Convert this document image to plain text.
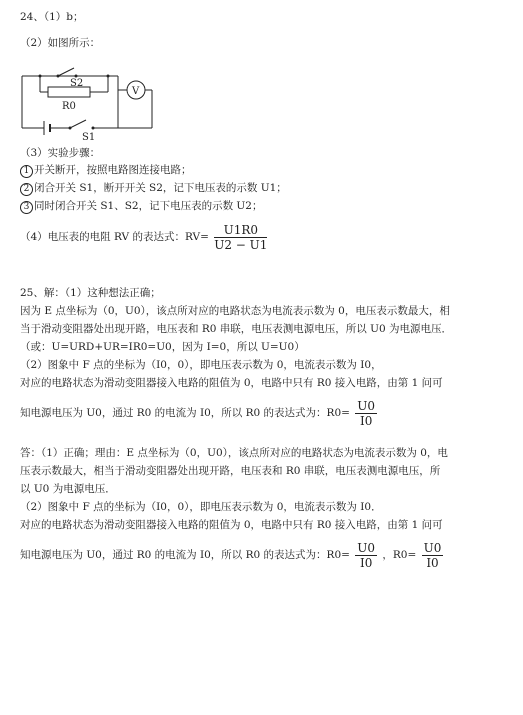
24、（1）b；
（2）如图所示：
S2
R0
V
S1
（3）实验步骤：
1 开关断开，按照电路图连接电路；
2 闭合开关 S1，断开开关 S2，记下电压表的示数 U1；
3 同时闭合开关 S1、S2，记下电压表的示数 U2；
（4）电压表的电阻 RV 的表达式：$RV= \frac{U1R0}{U2 - U1}$
25、解：（1）这种想法正确；
因为 E 点坐标为（0，U0），该点所对应的电路状态为电流表示数为 0，电压表示数最大，相
当于滑动变阻器处出现开路，电压表和 R0 串联，电压表测电源电压，所以 U0 为电源电压．
（或：U=URD+UR=IR0=U0，因为 I=0，所以 U=U0）
（2）图象中 F 点的坐标为（I0，0），即电压表示数为 0，电流表示数为 I0，
对应的电路状态为滑动变阻器接入电路的阻值为 0，电路中只有 R0 接入电路，由第 1 问可
知电源电压为 U0，通过 R0 的电流为 I0，所以 R0 的表达式为：$R0= \frac{U0}{I0}$
答：（1）正确；理由：E 点坐标为（0，U0），该点所对应的电路状态为电流表示数为 0，电
压表示数最大，相当于滑动变阻器处出现开路，电压表和 R0 串联，电压表测电源电压，所
以 U0 为电源电压．
（2）图象中 F 点的坐标为（I0，0），即电压表示数为 0，电流表示数为 I0．
对应的电路状态为滑动变阻器接入电路的阻值为 0，电路中只有 R0 接入电路，由第 1 问可
知电源电压为 U0，通过 R0 的电流为 I0，所以 R0 的表达式为：$R0= \frac{U0}{I0}$ ，$R0= \frac{U0}{I0}$
